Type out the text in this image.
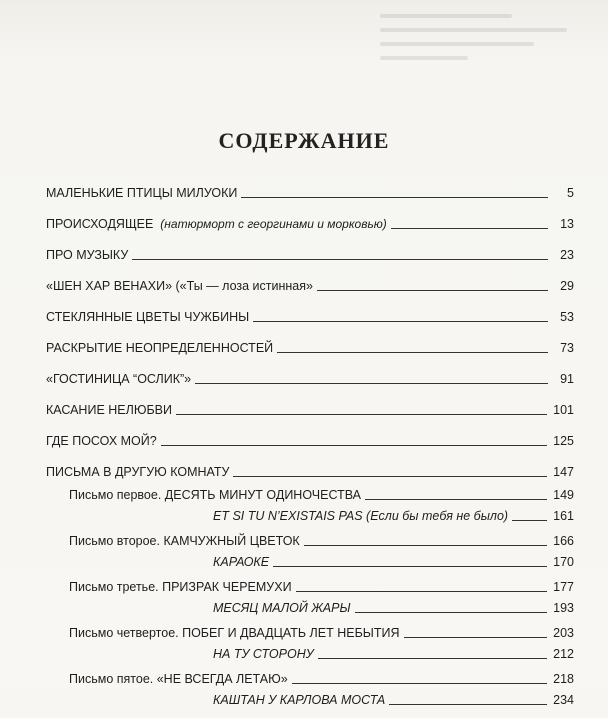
СОДЕРЖАНИЕ
МАЛЕНЬКИЕ ПТИЦЫ МИЛУОКИ	5
ПРОИСХОДЯЩЕЕ (натюрморт с георгинами и морковью)	13
ПРО МУЗЫКУ	23
«ШЕН ХАР ВЕНАХИ» («Ты — лоза истинная»	29
СТЕКЛЯННЫЕ ЦВЕТЫ ЧУЖБИНЫ	53
РАСКРЫТИЕ НЕОПРЕДЕЛЕННОСТЕЙ	73
«ГОСТИНИЦА “ОСЛИК”»	91
КАСАНИЕ НЕЛЮБВИ	101
ГДЕ ПОСОХ МОЙ?	125
ПИСЬМА В ДРУГУЮ КОМНАТУ	147
Письмо первое. ДЕСЯТЬ МИНУТ ОДИНОЧЕСТВА	149
ET SI TU N’EXISTAIS PAS (Если бы тебя не было)	161
Письмо второе. КАМЧУЖНЫЙ ЦВЕТОК	166
КАРАОКЕ	170
Письмо третье. ПРИЗРАК ЧЕРЕМУХИ	177
МЕСЯЦ МАЛОЙ ЖАРЫ	193
Письмо четвертое. ПОБЕГ И ДВАДЦАТЬ ЛЕТ НЕБЫТИЯ	203
НА ТУ СТОРОНУ	212
Письмо пятое. «НЕ ВСЕГДА ЛЕТАЮ»	218
КАШТАН У КАРЛОВА МОСТА	234
